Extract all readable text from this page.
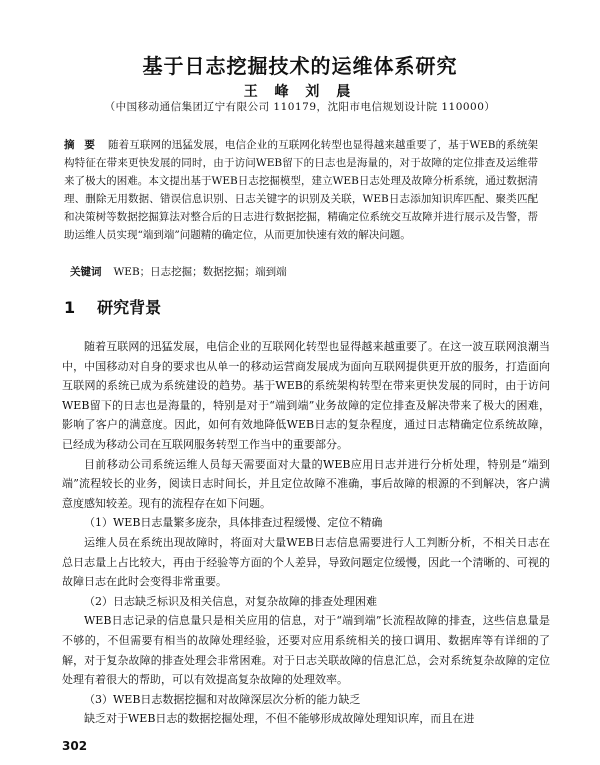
基于日志挖掘技术的运维体系研究
王 峰 刘 晨
（中国移动通信集团辽宁有限公司 110179，沈阳市电信规划设计院 110000）
摘 要 随着互联网的迅猛发展，电信企业的互联网化转型也显得越来越重要了，基于WEB的系统架构特征在带来更快发展的同时，由于访问WEB留下的日志也是海量的，对于故障的定位排查及运维带来了极大的困难。本文提出基于WEB日志挖掘模型，建立WEB日志处理及故障分析系统，通过数据清理、删除无用数据、错误信息识别、日志关键字的识别及关联，WEB日志添加知识库匹配、聚类匹配和决策树等数据挖掘算法对整合后的日志进行数据挖掘，精确定位系统交互故障并进行展示及告警，帮助运维人员实现“端到端”问题精的确定位，从而更加快速有效的解决问题。
关键词 WEB；日志挖掘；数据挖掘；端到端
1 研究背景

随着互联网的迅猛发展，电信企业的互联网化转型也显得越来越重要了。在这一波互联网浪潮当中，中国移动对自身的要求也从单一的移动运营商发展成为面向互联网提供更开放的服务，打造面向互联网的系统已成为系统建设的趋势。基于WEB的系统架构转型在带来更快发展的同时，由于访问WEB留下的日志也是海量的，特别是对于“端到端”业务故障的定位排查及解决带来了极大的困难，影响了客户的满意度。因此，如何有效地降低WEB日志的复杂程度，通过日志精确定位系统故障，已经成为移动公司在互联网服务转型工作当中的重要部分。

目前移动公司系统运维人员每天需要面对大量的WEB应用日志并进行分析处理，特别是“端到端”流程较长的业务，阅读日志时间长，并且定位故障不准确，事后故障的根源的不到解决，客户满意度感知较差。现有的流程存在如下问题。

（1）WEB日志量繁多庞杂，具体排查过程缓慢、定位不精确

运维人员在系统出现故障时，将面对大量WEB日志信息需要进行人工判断分析，不相关日志在总日志量上占比较大，再由于经验等方面的个人差异，导致问题定位缓慢，因此一个清晰的、可视的故障日志在此时会变得非常重要。

（2）日志缺乏标识及相关信息，对复杂故障的排查处理困难

WEB日志记录的信息量只是相关应用的信息，对于“端到端”长流程故障的排查，这些信息量是不够的，不但需要有相当的故障处理经验，还要对应用系统相关的接口调用、数据库等有详细的了解，对于复杂故障的排查处理会非常困难。对于日志关联故障的信息汇总，会对系统复杂故障的定位处理有着很大的帮助，可以有效提高复杂故障的处理效率。

（3）WEB日志数据挖掘和对故障深层次分析的能力缺乏

缺乏对于WEB日志的数据挖掘处理，不但不能够形成故障处理知识库，而且在进

302
